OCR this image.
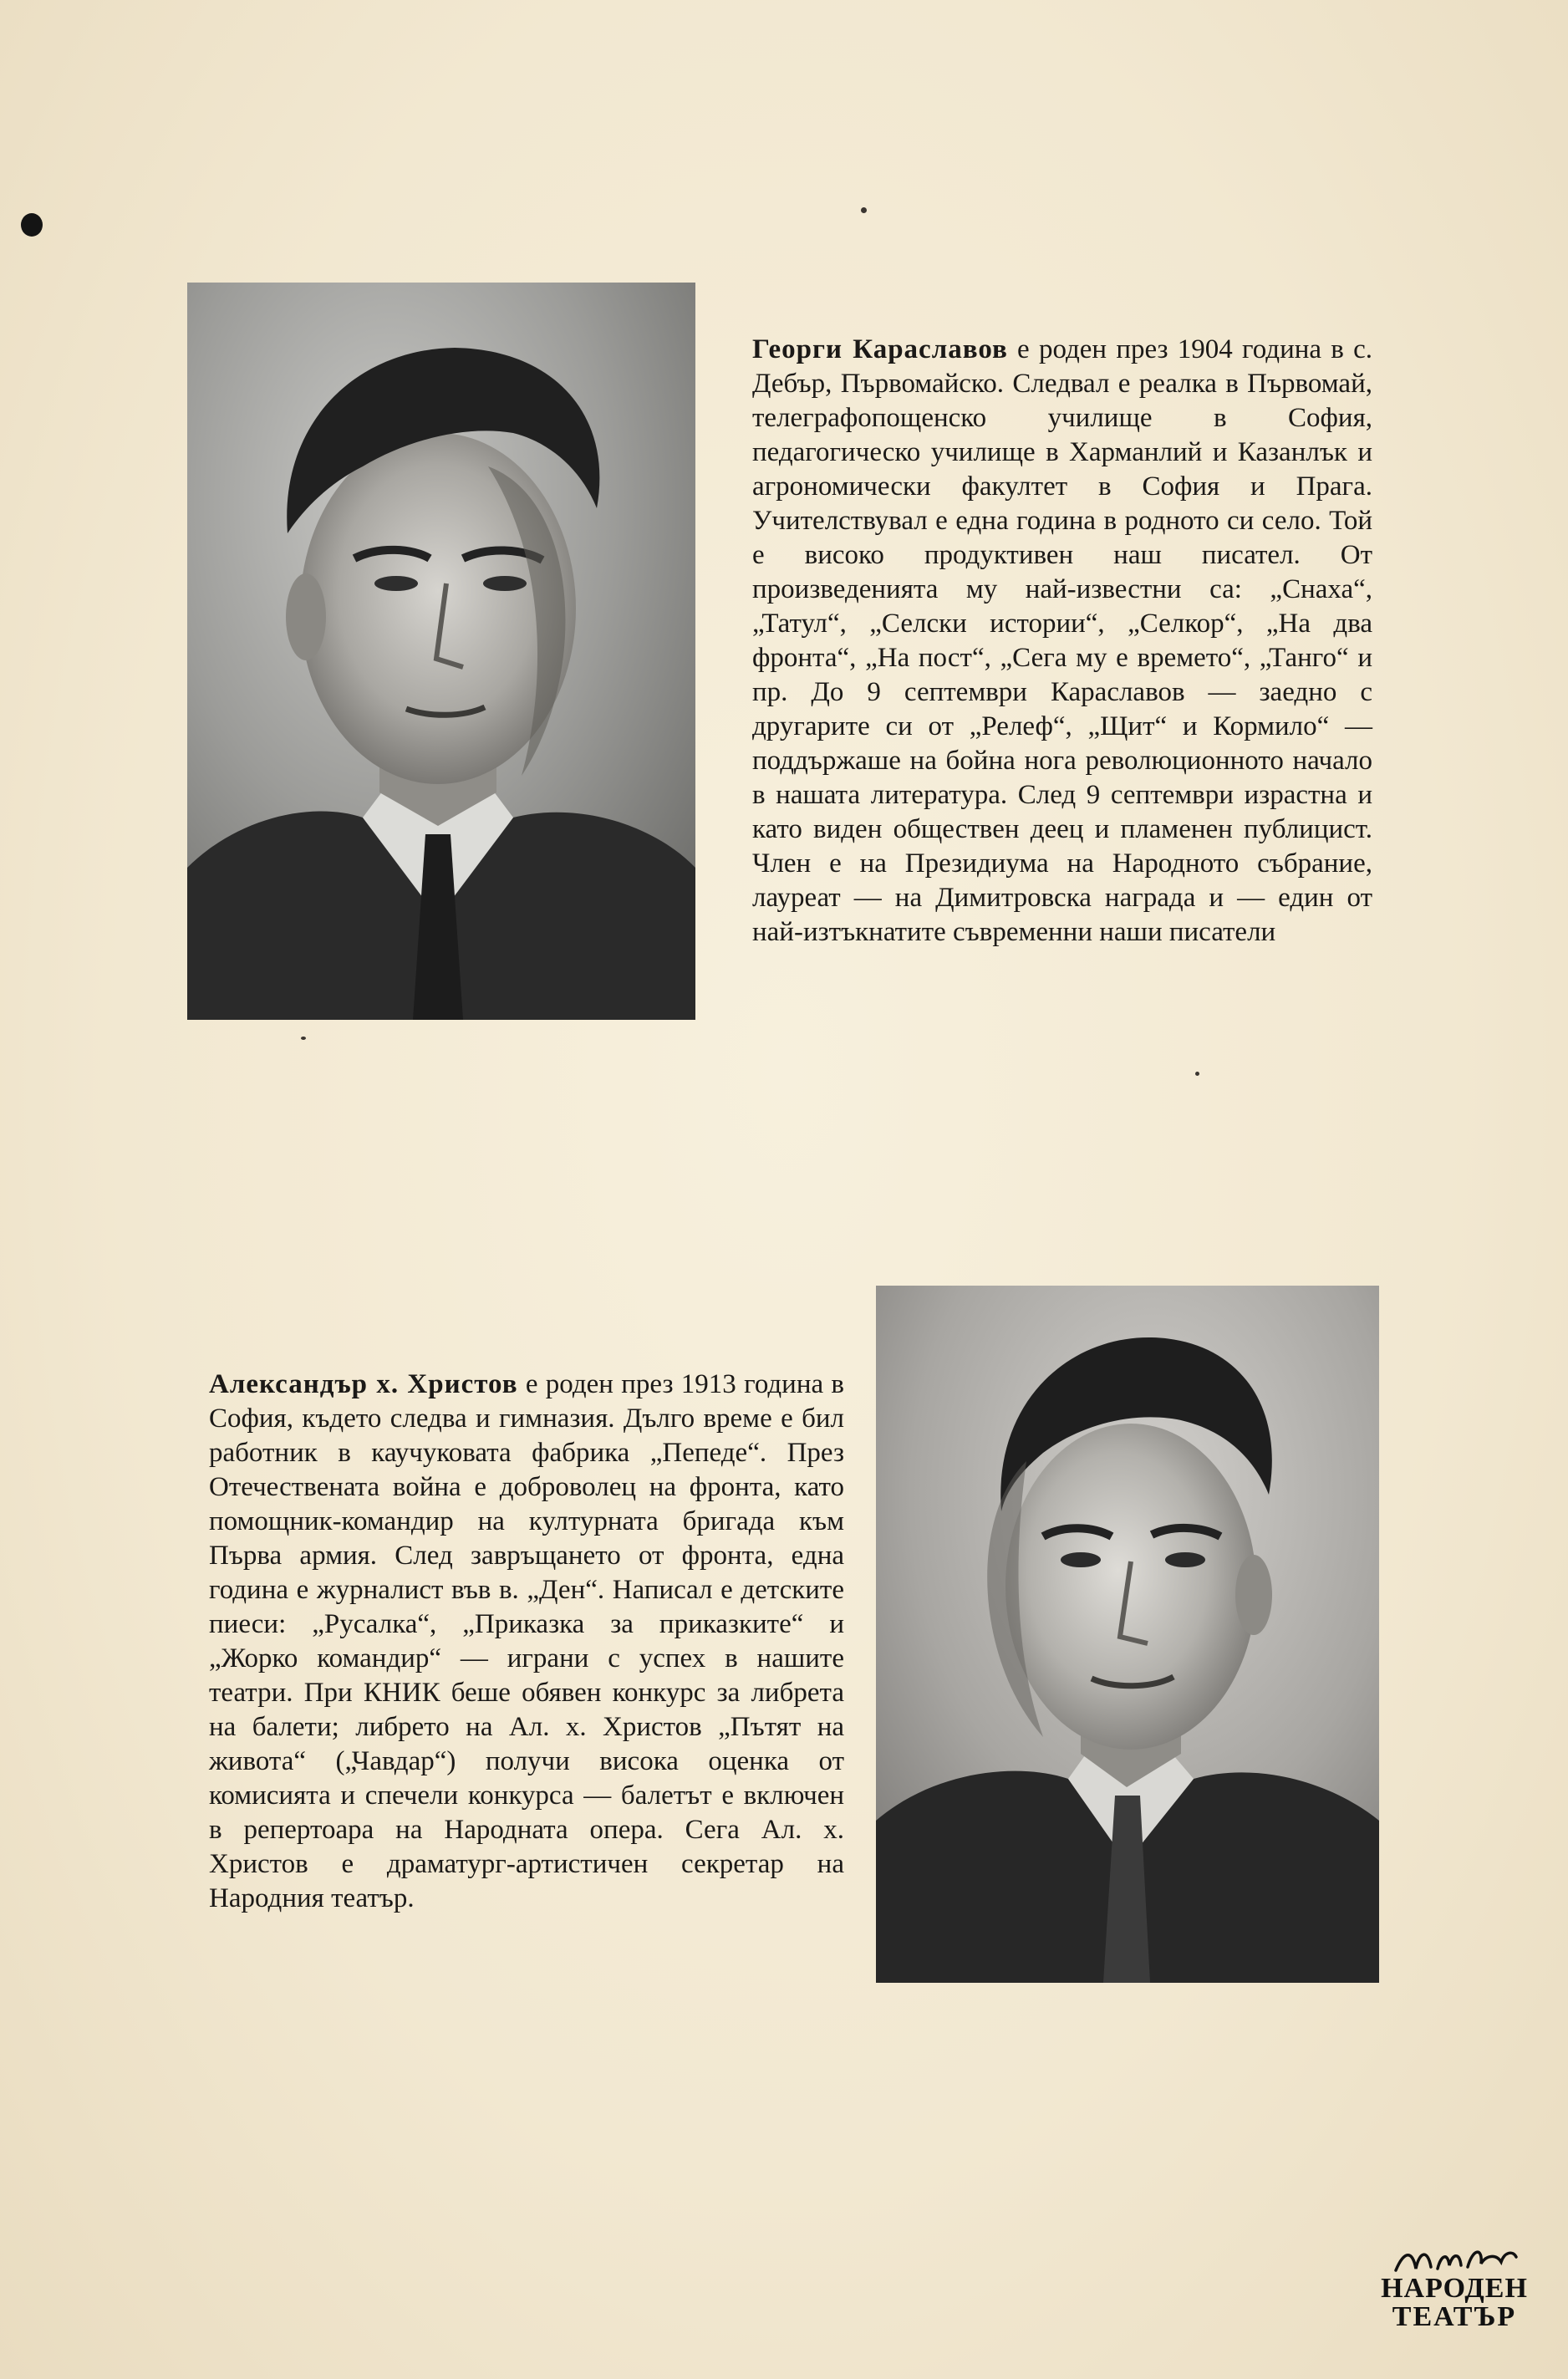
Георги Караславов е роден през 1904 година в с. Дебър, Първомайско. Следвал е реалка в Първомай, телеграфопощенско училище в София, педагогическо училище в Харманлий и Казанлък и агрономически факултет в София и Прага. Учителствувал е една година в родното си село. Той е високо продуктивен наш писател. От произведенията му най-известни са: „Снаха“, „Татул“, „Селски истории“, „Селкор“, „На два фронта“, „На пост“, „Сега му е времето“, „Танго“ и пр. До 9 септември Караславов — заедно с другарите си от „Релеф“, „Щит“ и Кормило“ — поддържаше на бойна нога революционното начало в нашата литература. След 9 септември израстна и като виден обществен деец и пламенен публицист. Член е на Президиума на Народното събрание, лауреат — на Димитровска награда и — един от най-изтъкнатите съвременни наши писатели

Александър х. Христов е роден през 1913 година в София, където следва и гимназия. Дълго време е бил работник в каучуковата фабрика „Пепеде“. През Отечествената война е доброволец на фронта, като помощник-командир на културната бригада към Първа армия. След завръщането от фронта, една година е журналист във в. „Ден“. Написал е детските пиеси: „Русалка“, „Приказка за приказките“ и „Жорко командир“ — играни с успех в нашите театри. При КНИК беше обявен конкурс за либрета на балети; либрето на Ал. х. Христов „Пътят на живота“ („Чавдар“) получи висока оценка от комисията и спечели конкурса — балетът е включен в репертоара на Народната опера. Сега Ал. х. Христов е драматург-артистичен секретар на Народния театър.

НАРОДЕН
ТЕАТЪР
